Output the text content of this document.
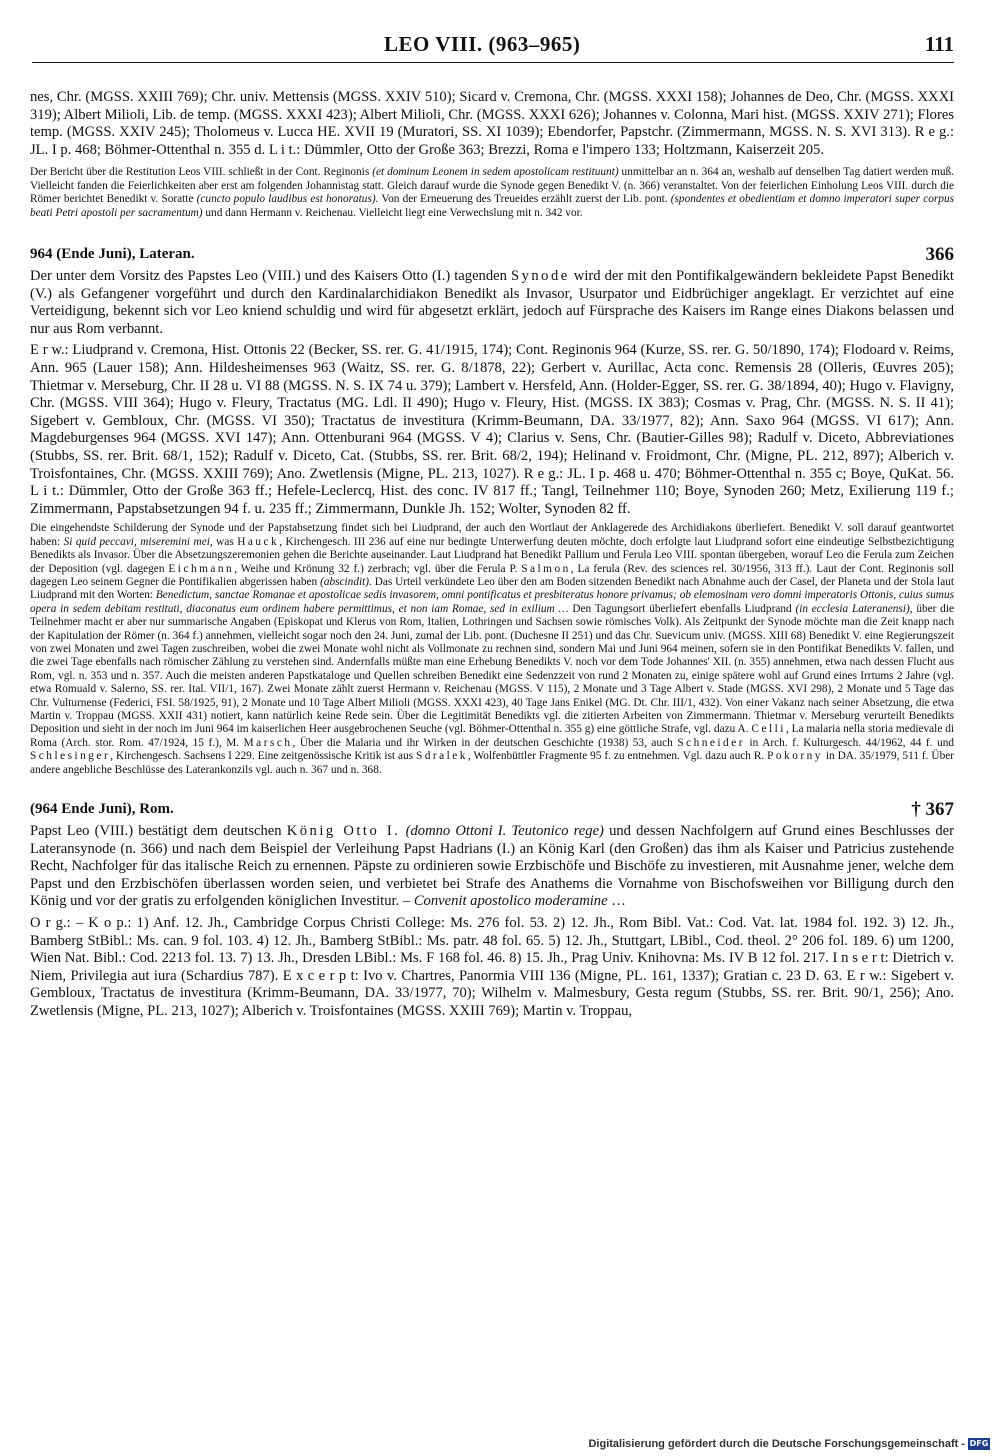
LEO VIII. (963–965)	111

nes, Chr. (MGSS. XXIII 769); Chr. univ. Mettensis (MGSS. XXIV 510); Sicard v. Cremona, Chr. (MGSS. XXXI 158); Johannes de Deo, Chr. (MGSS. XXXI 319); Albert Milioli, Lib. de temp. (MGSS. XXXI 423); Albert Milioli, Chr. (MGSS. XXXI 626); Johannes v. Colonna, Mari hist. (MGSS. XXIV 271); Flores temp. (MGSS. XXIV 245); Tholomeus v. Lucca HE. XVII 19 (Muratori, SS. XI 1039); Ebendorfer, Papstchr. (Zimmermann, MGSS. N. S. XVI 313). R e g.: JL. I p. 468; Böhmer-Ottenthal n. 355 d. L i t.: Dümmler, Otto der Große 363; Brezzi, Roma e l'impero 133; Holtzmann, Kaiserzeit 205.

Der Bericht über die Restitution Leos VIII. schließt in der Cont. Reginonis (et dominum Leonem in sedem apostolicam restituunt) unmittelbar an n. 364 an, weshalb auf denselben Tag datiert werden muß. Vielleicht fanden die Feierlichkeiten aber erst am folgenden Johannistag statt. Gleich darauf wurde die Synode gegen Benedikt V. (n. 366) veranstaltet. Von der feierlichen Einholung Leos VIII. durch die Römer berichtet Benedikt v. Soratte (cuncto populo laudibus est honoratus). Von der Erneuerung des Treueides erzählt zuerst der Lib. pont. (spondentes et obedientiam et domno imperatori super corpus beati Petri apostoli per sacramentum) und dann Hermann v. Reichenau. Vielleicht liegt eine Verwechslung mit n. 342 vor.

964 (Ende Juni), Lateran.	366

Der unter dem Vorsitz des Papstes Leo (VIII.) und des Kaisers Otto (I.) tagenden Synode wird der mit den Pontifikalgewändern bekleidete Papst Benedikt (V.) als Gefangener vorgeführt und durch den Kardinalarchidiakon Benedikt als Invasor, Usurpator und Eidbrüchiger angeklagt. Er verzichtet auf eine Verteidigung, bekennt sich vor Leo kniend schuldig und wird für abgesetzt erklärt, jedoch auf Fürsprache des Kaisers im Range eines Diakons belassen und nur aus Rom verbannt.

E r w.: Liudprand v. Cremona, Hist. Ottonis 22 (Becker, SS. rer. G. 41/1915, 174); Cont. Reginonis 964 (Kurze, SS. rer. G. 50/1890, 174); Flodoard v. Reims, Ann. 965 (Lauer 158); Ann. Hildesheimenses 963 (Waitz, SS. rer. G. 8/1878, 22); Gerbert v. Aurillac, Acta conc. Remensis 28 (Olleris, Œuvres 205); Thietmar v. Merseburg, Chr. II 28 u. VI 88 (MGSS. N. S. IX 74 u. 379); Lambert v. Hersfeld, Ann. (Holder-Egger, SS. rer. G. 38/1894, 40); Hugo v. Flavigny, Chr. (MGSS. VIII 364); Hugo v. Fleury, Tractatus (MG. Ldl. II 490); Hugo v. Fleury, Hist. (MGSS. IX 383); Cosmas v. Prag, Chr. (MGSS. N. S. II 41); Sigebert v. Gembloux, Chr. (MGSS. VI 350); Tractatus de investitura (Krimm-Beumann, DA. 33/1977, 82); Ann. Saxo 964 (MGSS. VI 617); Ann. Magdeburgenses 964 (MGSS. XVI 147); Ann. Ottenburani 964 (MGSS. V 4); Clarius v. Sens, Chr. (Bautier-Gilles 98); Radulf v. Diceto, Abbreviationes (Stubbs, SS. rer. Brit. 68/1, 152); Radulf v. Diceto, Cat. (Stubbs, SS. rer. Brit. 68/2, 194); Helinand v. Froidmont, Chr. (Migne, PL. 212, 897); Alberich v. Troisfontaines, Chr. (MGSS. XXIII 769); Ano. Zwetlensis (Migne, PL. 213, 1027). R e g.: JL. I p. 468 u. 470; Böhmer-Ottenthal n. 355 c; Boye, QuKat. 56. L i t.: Dümmler, Otto der Große 363 ff.; Hefele-Leclercq, Hist. des conc. IV 817 ff.; Tangl, Teilnehmer 110; Boye, Synoden 260; Metz, Exilierung 119 f.; Zimmermann, Papstabsetzungen 94 f. u. 235 ff.; Zimmermann, Dunkle Jh. 152; Wolter, Synoden 82 ff.

Die eingehendste Schilderung der Synode und der Papstabsetzung findet sich bei Liudprand, der auch den Wortlaut der Anklagerede des Archidiakons überliefert. Benedikt V. soll darauf geantwortet haben: Si quid peccavi, miseremini mei, was Hauck, Kirchengesch. III 236 auf eine nur bedingte Unterwerfung deuten möchte, doch erfolgte laut Liudprand sofort eine eindeutige Selbstbezichtigung Benedikts als Invasor. Über die Absetzungszeremonien gehen die Berichte auseinander. Laut Liudprand hat Benedikt Pallium und Ferula Leo VIII. spontan übergeben, worauf Leo die Ferula zum Zeichen der Deposition (vgl. dagegen Eichmann, Weihe und Krönung 32 f.) zerbrach; vgl. über die Ferula P. Salmon, La ferula (Rev. des sciences rel. 30/1956, 313 ff.). Laut der Cont. Reginonis soll dagegen Leo seinem Gegner die Pontifikalien abgerissen haben (abscindit). Das Urteil verkündete Leo über den am Boden sitzenden Benedikt nach Abnahme auch der Casel, der Planeta und der Stola laut Liudprand mit den Worten: Benedictum, sanctae Romanae et apostolicae sedis invasorem, omni pontificatus et presbiteratus honore privamus; ob elemosinam vero domni imperatoris Ottonis, cuius sumus opera in sedem debitam restituti, diaconatus eum ordinem habere permittimus, et non iam Romae, sed in exilium … Den Tagungsort überliefert ebenfalls Liudprand (in ecclesia Lateranensi), über die Teilnehmer macht er aber nur summarische Angaben (Episkopat und Klerus von Rom, Italien, Lothringen und Sachsen sowie römisches Volk). Als Zeitpunkt der Synode möchte man die Zeit knapp nach der Kapitulation der Römer (n. 364 f.) annehmen, vielleicht sogar noch den 24. Juni, zumal der Lib. pont. (Duchesne II 251) und das Chr. Suevicum univ. (MGSS. XIII 68) Benedikt V. eine Regierungszeit von zwei Monaten und zwei Tagen zuschreiben, wobei die zwei Monate wohl nicht als Vollmonate zu rechnen sind, sondern Mai und Juni 964 meinen, sofern sie in den Pontifikat Benedikts V. fallen, und die zwei Tage ebenfalls nach römischer Zählung zu verstehen sind. Andernfalls müßte man eine Erhebung Benedikts V. noch vor dem Tode Johannes' XII. (n. 355) annehmen, etwa nach dessen Flucht aus Rom, vgl. n. 353 und n. 357. Auch die meisten anderen Papstkataloge und Quellen schreiben Benedikt eine Sedenzzeit von rund 2 Monaten zu, einige spätere wohl auf Grund eines Irrtums 2 Jahre (vgl. etwa Romuald v. Salerno, SS. rer. Ital. VII/1, 167). Zwei Monate zählt zuerst Hermann v. Reichenau (MGSS. V 115), 2 Monate und 3 Tage Albert v. Stade (MGSS. XVI 298), 2 Monate und 5 Tage das Chr. Vulturnense (Federici, FSI. 58/1925, 91), 2 Monate und 10 Tage Albert Milioli (MGSS. XXXI 423), 40 Tage Jans Enikel (MG. Dt. Chr. III/1, 432). Von einer Vakanz nach seiner Absetzung, die etwa Martin v. Troppau (MGSS. XXII 431) notiert, kann natürlich keine Rede sein. Über die Legitimität Benedikts vgl. die zitierten Arbeiten von Zimmermann. Thietmar v. Merseburg verurteilt Benedikts Deposition und sieht in der noch im Juni 964 im kaiserlichen Heer ausgebrochenen Seuche (vgl. Böhmer-Ottenthal n. 355 g) eine göttliche Strafe, vgl. dazu A. Celli, La malaria nella storia medievale di Roma (Arch. stor. Rom. 47/1924, 15 f.), M. Marsch, Über die Malaria und ihr Wirken in der deutschen Geschichte (1938) 53, auch Schneider in Arch. f. Kulturgesch. 44/1962, 44 f. und Schlesinger, Kirchengesch. Sachsens I 229. Eine zeitgenössische Kritik ist aus Sdralek, Wolfenbüttler Fragmente 95 f. zu entnehmen. Vgl. dazu auch R. Pokorny in DA. 35/1979, 511 f. Über andere angebliche Beschlüsse des Laterankonzils vgl. auch n. 367 und n. 368.

(964 Ende Juni), Rom.	† 367

Papst Leo (VIII.) bestätigt dem deutschen König Otto I. (domno Ottoni I. Teutonico rege) und dessen Nachfolgern auf Grund eines Beschlusses der Lateransynode (n. 366) und nach dem Beispiel der Verleihung Papst Hadrians (I.) an König Karl (den Großen) das ihm als Kaiser und Patricius zustehende Recht, Nachfolger für das italische Reich zu ernennen. Päpste zu ordinieren sowie Erzbischöfe und Bischöfe zu investieren, mit Ausnahme jener, welche dem Papst und den Erzbischöfen überlassen worden seien, und verbietet bei Strafe des Anathems die Vornahme von Bischofsweihen vor Billigung durch den König und vor der gratis zu erfolgenden königlichen Investitur. – Convenit apostolico moderamine …

O r g.: – K o p.: 1) Anf. 12. Jh., Cambridge Corpus Christi College: Ms. 276 fol. 53. 2) 12. Jh., Rom Bibl. Vat.: Cod. Vat. lat. 1984 fol. 192. 3) 12. Jh., Bamberg StBibl.: Ms. can. 9 fol. 103. 4) 12. Jh., Bamberg StBibl.: Ms. patr. 48 fol. 65. 5) 12. Jh., Stuttgart, LBibl., Cod. theol. 2° 206 fol. 189. 6) um 1200, Wien Nat. Bibl.: Cod. 2213 fol. 13. 7) 13. Jh., Dresden LBibl.: Ms. F 168 fol. 46. 8) 15. Jh., Prag Univ. Knihovna: Ms. IV B 12 fol. 217. I n s e r t: Dietrich v. Niem, Privilegia aut iura (Schardius 787). E x c e r p t: Ivo v. Chartres, Panormia VIII 136 (Migne, PL. 161, 1337); Gratian c. 23 D. 63. E r w.: Sigebert v. Gembloux, Tractatus de investitura (Krimm-Beumann, DA. 33/1977, 70); Wilhelm v. Malmesbury, Gesta regum (Stubbs, SS. rer. Brit. 90/1, 256); Ano. Zwetlensis (Migne, PL. 213, 1027); Alberich v. Troisfontaines (MGSS. XXIII 769); Martin v. Troppau,

Digitalisierung gefördert durch die Deutsche Forschungsgemeinschaft - DFG
